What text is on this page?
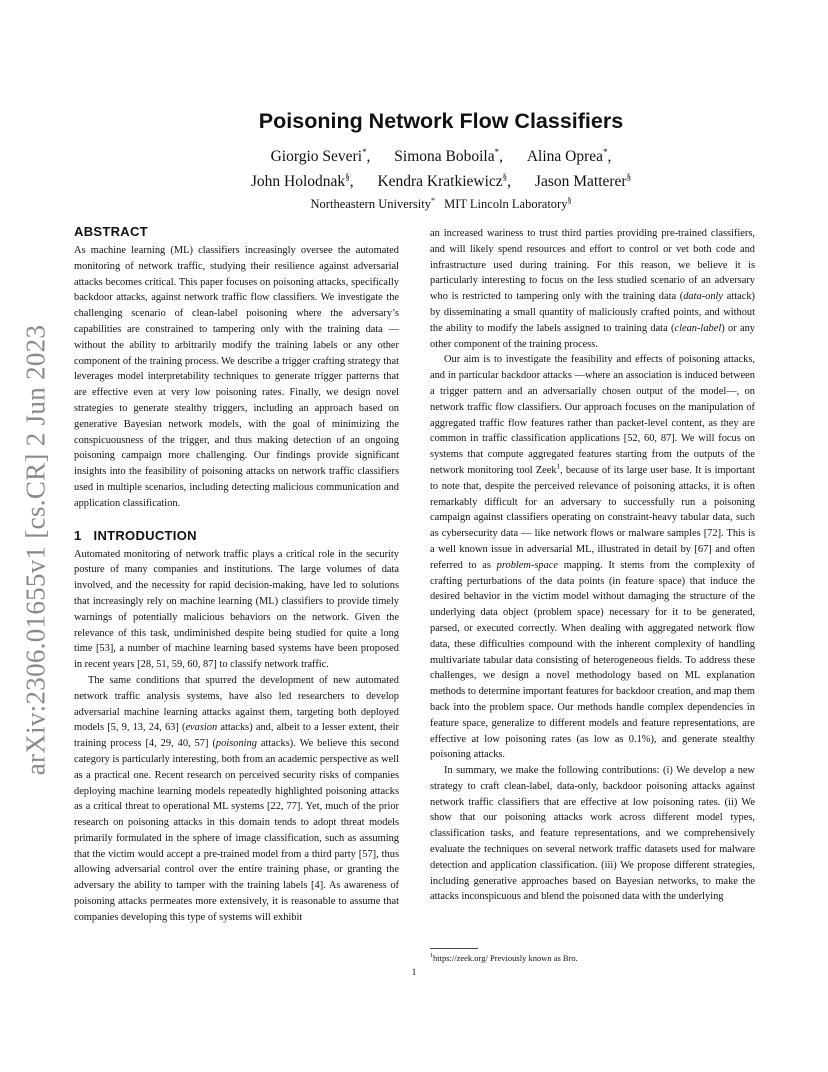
arXiv:2306.01655v1 [cs.CR] 2 Jun 2023
Poisoning Network Flow Classifiers
Giorgio Severi*, Simona Boboila*, Alina Oprea*,
John Holodnak§, Kendra Kratkiewicz§, Jason Matterer§
Northeastern University* MIT Lincoln Laboratory§
ABSTRACT

As machine learning (ML) classifiers increasingly oversee the automated monitoring of network traffic, studying their resilience against adversarial attacks becomes critical. This paper focuses on poisoning attacks, specifically backdoor attacks, against network traffic flow classifiers. We investigate the challenging scenario of clean-label poisoning where the adversary’s capabilities are constrained to tampering only with the training data — without the ability to arbitrarily modify the training labels or any other component of the training process. We describe a trigger crafting strategy that leverages model interpretability techniques to generate trigger patterns that are effective even at very low poisoning rates. Finally, we design novel strategies to generate stealthy triggers, including an approach based on generative Bayesian network models, with the goal of minimizing the conspicuousness of the trigger, and thus making detection of an ongoing poisoning campaign more challenging. Our findings provide significant insights into the feasibility of poisoning attacks on network traffic classifiers used in multiple scenarios, including detecting malicious communication and application classification.

1 INTRODUCTION

Automated monitoring of network traffic plays a critical role in the security posture of many companies and institutions. The large volumes of data involved, and the necessity for rapid decision-making, have led to solutions that increasingly rely on machine learning (ML) classifiers to provide timely warnings of potentially malicious behaviors on the network. Given the relevance of this task, undiminished despite being studied for quite a long time [53], a number of machine learning based systems have been proposed in recent years [28, 51, 59, 60, 87] to classify network traffic.

The same conditions that spurred the development of new automated network traffic analysis systems, have also led researchers to develop adversarial machine learning attacks against them, targeting both deployed models [5, 9, 13, 24, 63] (evasion attacks) and, albeit to a lesser extent, their training process [4, 29, 40, 57] (poisoning attacks). We believe this second category is particularly interesting, both from an academic perspective as well as a practical one. Recent research on perceived security risks of companies deploying machine learning models repeatedly highlighted poisoning attacks as a critical threat to operational ML systems [22, 77]. Yet, much of the prior research on poisoning attacks in this domain tends to adopt threat models primarily formulated in the sphere of image classification, such as assuming that the victim would accept a pre-trained model from a third party [57], thus allowing adversarial control over the entire training phase, or granting the adversary the ability to tamper with the training labels [4]. As awareness of poisoning attacks permeates more extensively, it is reasonable to assume that companies developing this type of systems will exhibit

an increased wariness to trust third parties providing pre-trained classifiers, and will likely spend resources and effort to control or vet both code and infrastructure used during training. For this reason, we believe it is particularly interesting to focus on the less studied scenario of an adversary who is restricted to tampering only with the training data (data-only attack) by disseminating a small quantity of maliciously crafted points, and without the ability to modify the labels assigned to training data (clean-label) or any other component of the training process.

Our aim is to investigate the feasibility and effects of poisoning attacks, and in particular backdoor attacks —where an association is induced between a trigger pattern and an adversarially chosen output of the model—, on network traffic flow classifiers. Our approach focuses on the manipulation of aggregated traffic flow features rather than packet-level content, as they are common in traffic classification applications [52, 60, 87]. We will focus on systems that compute aggregated features starting from the outputs of the network monitoring tool Zeek$^1$, because of its large user base. It is important to note that, despite the perceived relevance of poisoning attacks, it is often remarkably difficult for an adversary to successfully run a poisoning campaign against classifiers operating on constraint-heavy tabular data, such as cybersecurity data — like network flows or malware samples [72]. This is a well known issue in adversarial ML, illustrated in detail by [67] and often referred to as problem-space mapping. It stems from the complexity of crafting perturbations of the data points (in feature space) that induce the desired behavior in the victim model without damaging the structure of the underlying data object (problem space) necessary for it to be generated, parsed, or executed correctly. When dealing with aggregated network flow data, these difficulties compound with the inherent complexity of handling multivariate tabular data consisting of heterogeneous fields. To address these challenges, we design a novel methodology based on ML explanation methods to determine important features for backdoor creation, and map them back into the problem space. Our methods handle complex dependencies in feature space, generalize to different models and feature representations, are effective at low poisoning rates (as low as 0.1%), and generate stealthy poisoning attacks.

In summary, we make the following contributions: (i) We develop a new strategy to craft clean-label, data-only, backdoor poisoning attacks against network traffic classifiers that are effective at low poisoning rates. (ii) We show that our poisoning attacks work across different model types, classification tasks, and feature representations, and we comprehensively evaluate the techniques on several network traffic datasets used for malware detection and application classification. (iii) We propose different strategies, including generative approaches based on Bayesian networks, to make the attacks inconspicuous and blend the poisoned data with the underlying

$^1$https://zeek.org/ Previously known as Bro.
1
